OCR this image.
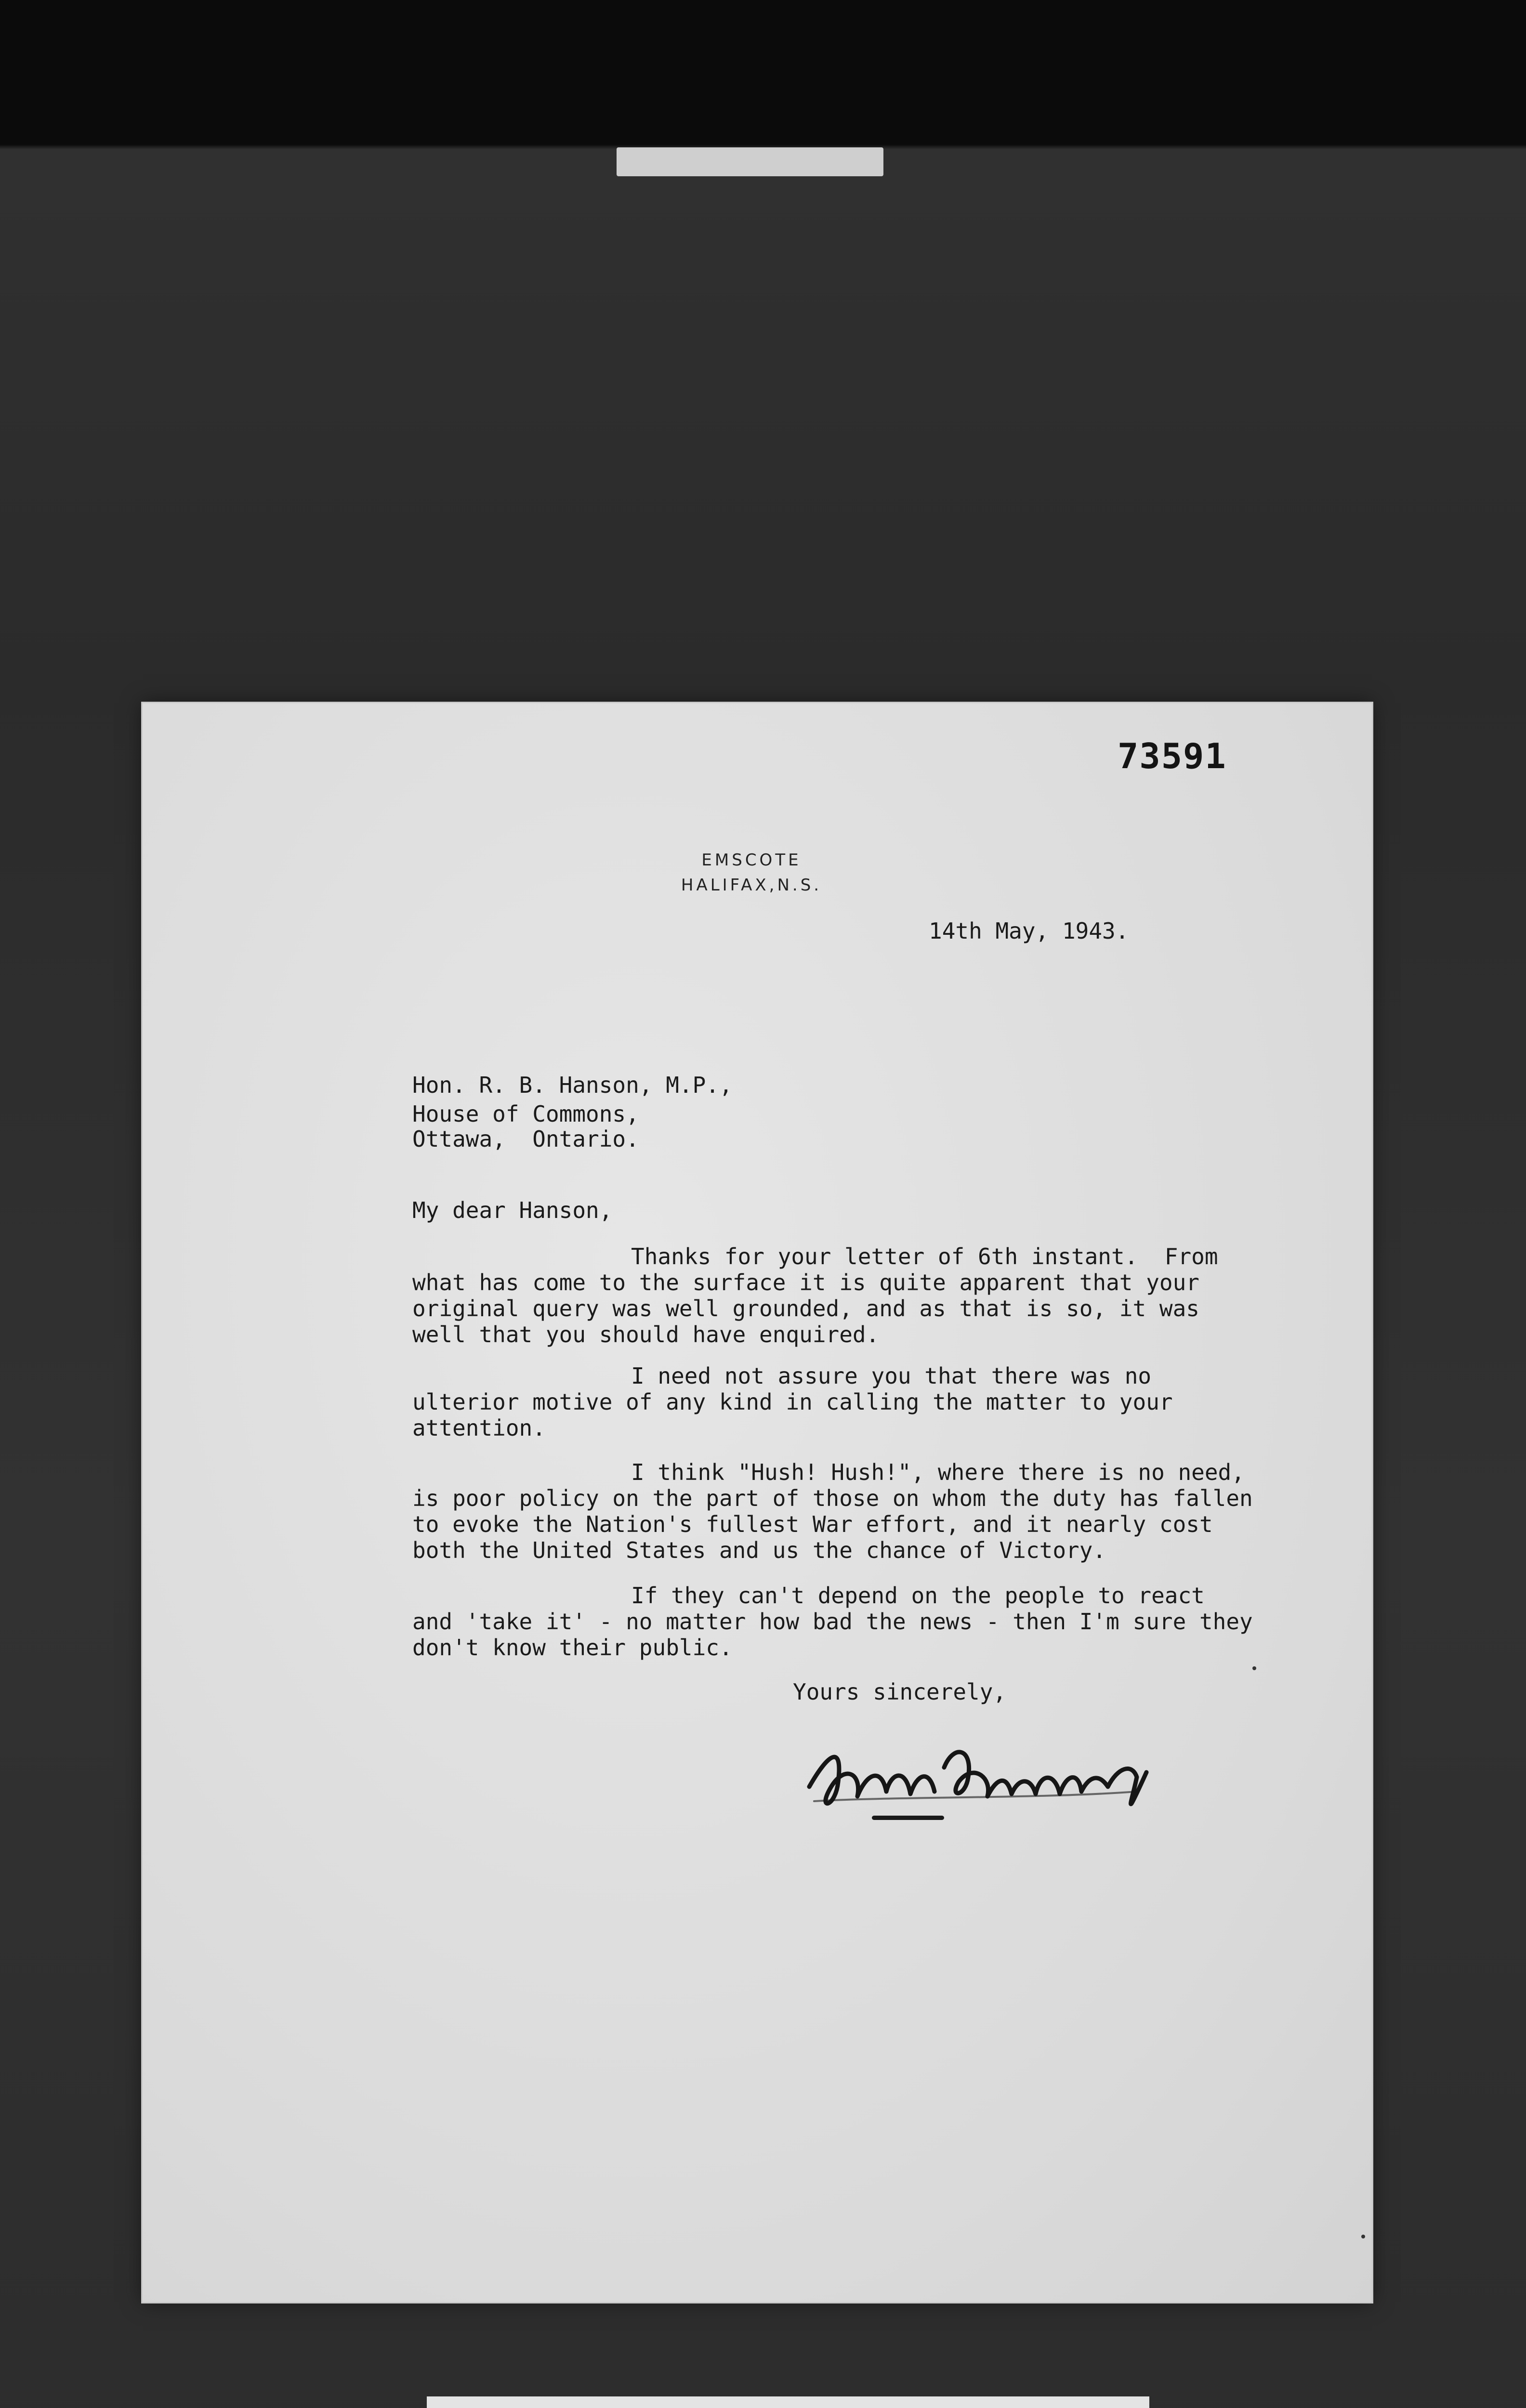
73591
EMSCOTE
HALIFAX,N.S.
14th May, 1943.
Hon. R. B. Hanson, M.P.,
House of Commons,
Ottawa,  Ontario.
My dear Hanson,
Thanks for your letter of 6th instant.  From
what has come to the surface it is quite apparent that your
original query was well grounded, and as that is so, it was
well that you should have enquired.
I need not assure you that there was no
ulterior motive of any kind in calling the matter to your
attention.
I think "Hush! Hush!", where there is no need,
is poor policy on the part of those on whom the duty has fallen
to evoke the Nation's fullest War effort, and it nearly cost
both the United States and us the chance of Victory.
If they can't depend on the people to react
and 'take it' - no matter how bad the news - then I'm sure they
don't know their public.
Yours sincerely,
